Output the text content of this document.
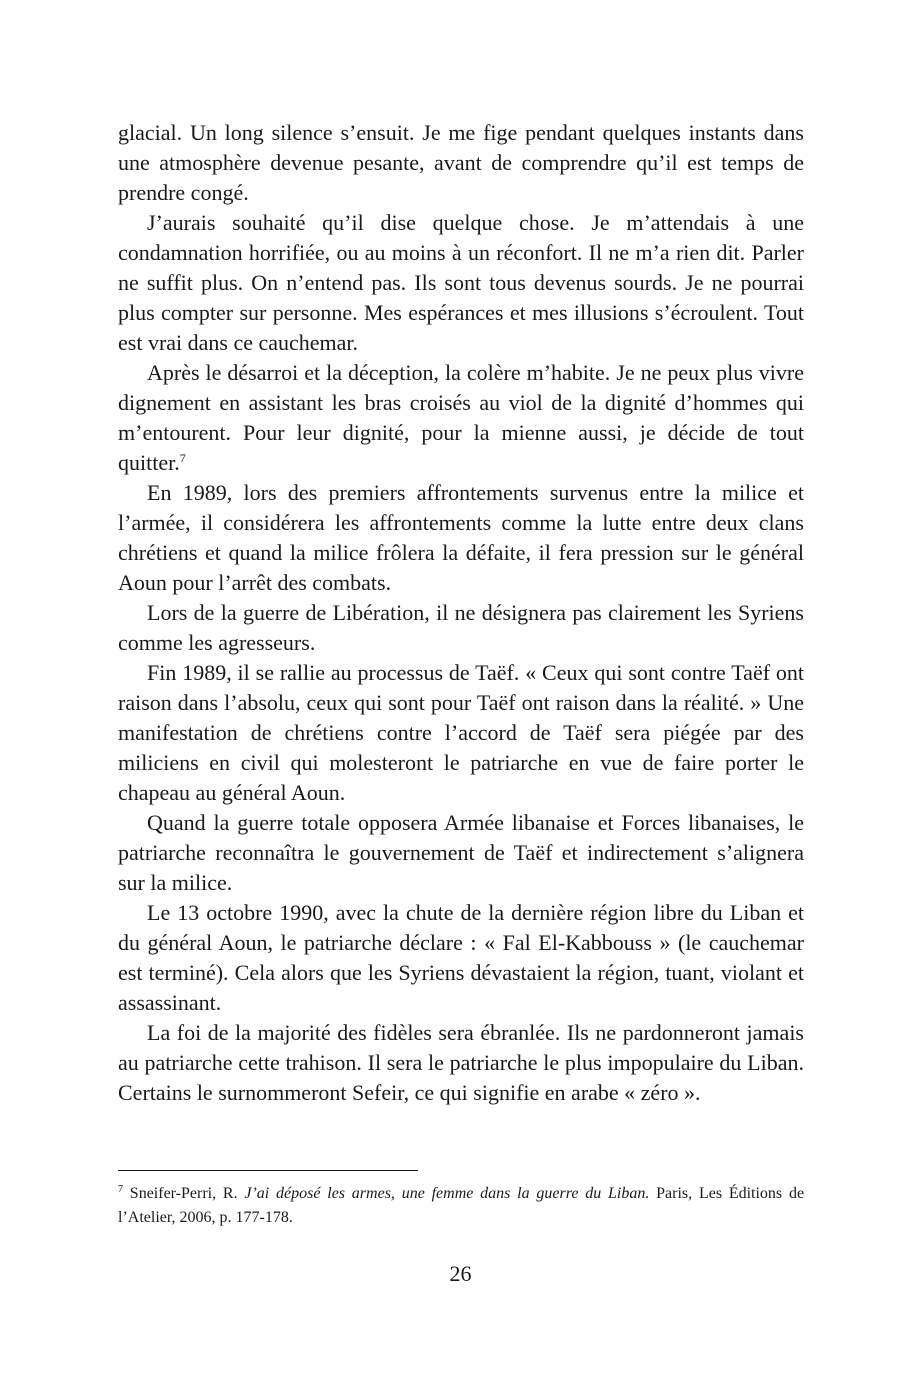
glacial. Un long silence s’ensuit. Je me fige pendant quelques instants dans une atmosphère devenue pesante, avant de comprendre qu’il est temps de prendre congé.

J’aurais souhaité qu’il dise quelque chose. Je m’attendais à une condamnation horrifiée, ou au moins à un réconfort. Il ne m’a rien dit. Parler ne suffit plus. On n’entend pas. Ils sont tous devenus sourds. Je ne pourrai plus compter sur personne. Mes espérances et mes illusions s’écroulent. Tout est vrai dans ce cauchemar.

Après le désarroi et la déception, la colère m’habite. Je ne peux plus vivre dignement en assistant les bras croisés au viol de la dignité d’hommes qui m’entourent. Pour leur dignité, pour la mienne aussi, je décide de tout quitter.$^7$

En 1989, lors des premiers affrontements survenus entre la milice et l’armée, il considérera les affrontements comme la lutte entre deux clans chrétiens et quand la milice frôlera la défaite, il fera pression sur le général Aoun pour l’arrêt des combats.

Lors de la guerre de Libération, il ne désignera pas clairement les Syriens comme les agresseurs.

Fin 1989, il se rallie au processus de Taëf. « Ceux qui sont contre Taëf ont raison dans l’absolu, ceux qui sont pour Taëf ont raison dans la réalité. » Une manifestation de chrétiens contre l’accord de Taëf sera piégée par des miliciens en civil qui molesteront le patriarche en vue de faire porter le chapeau au général Aoun.

Quand la guerre totale opposera Armée libanaise et Forces libanaises, le patriarche reconnaîtra le gouvernement de Taëf et indirectement s’alignera sur la milice.

Le 13 octobre 1990, avec la chute de la dernière région libre du Liban et du général Aoun, le patriarche déclare : « Fal El-Kabbouss » (le cauchemar est terminé). Cela alors que les Syriens dévastaient la région, tuant, violant et assassinant.

La foi de la majorité des fidèles sera ébranlée. Ils ne pardonneront jamais au patriarche cette trahison. Il sera le patriarche le plus impopulaire du Liban. Certains le surnommeront Sefeir, ce qui signifie en arabe « zéro ».

$^7$ Sneifer-Perri, R. J’ai déposé les armes, une femme dans la guerre du Liban. Paris, Les Éditions de l’Atelier, 2006, p. 177-178.
26
